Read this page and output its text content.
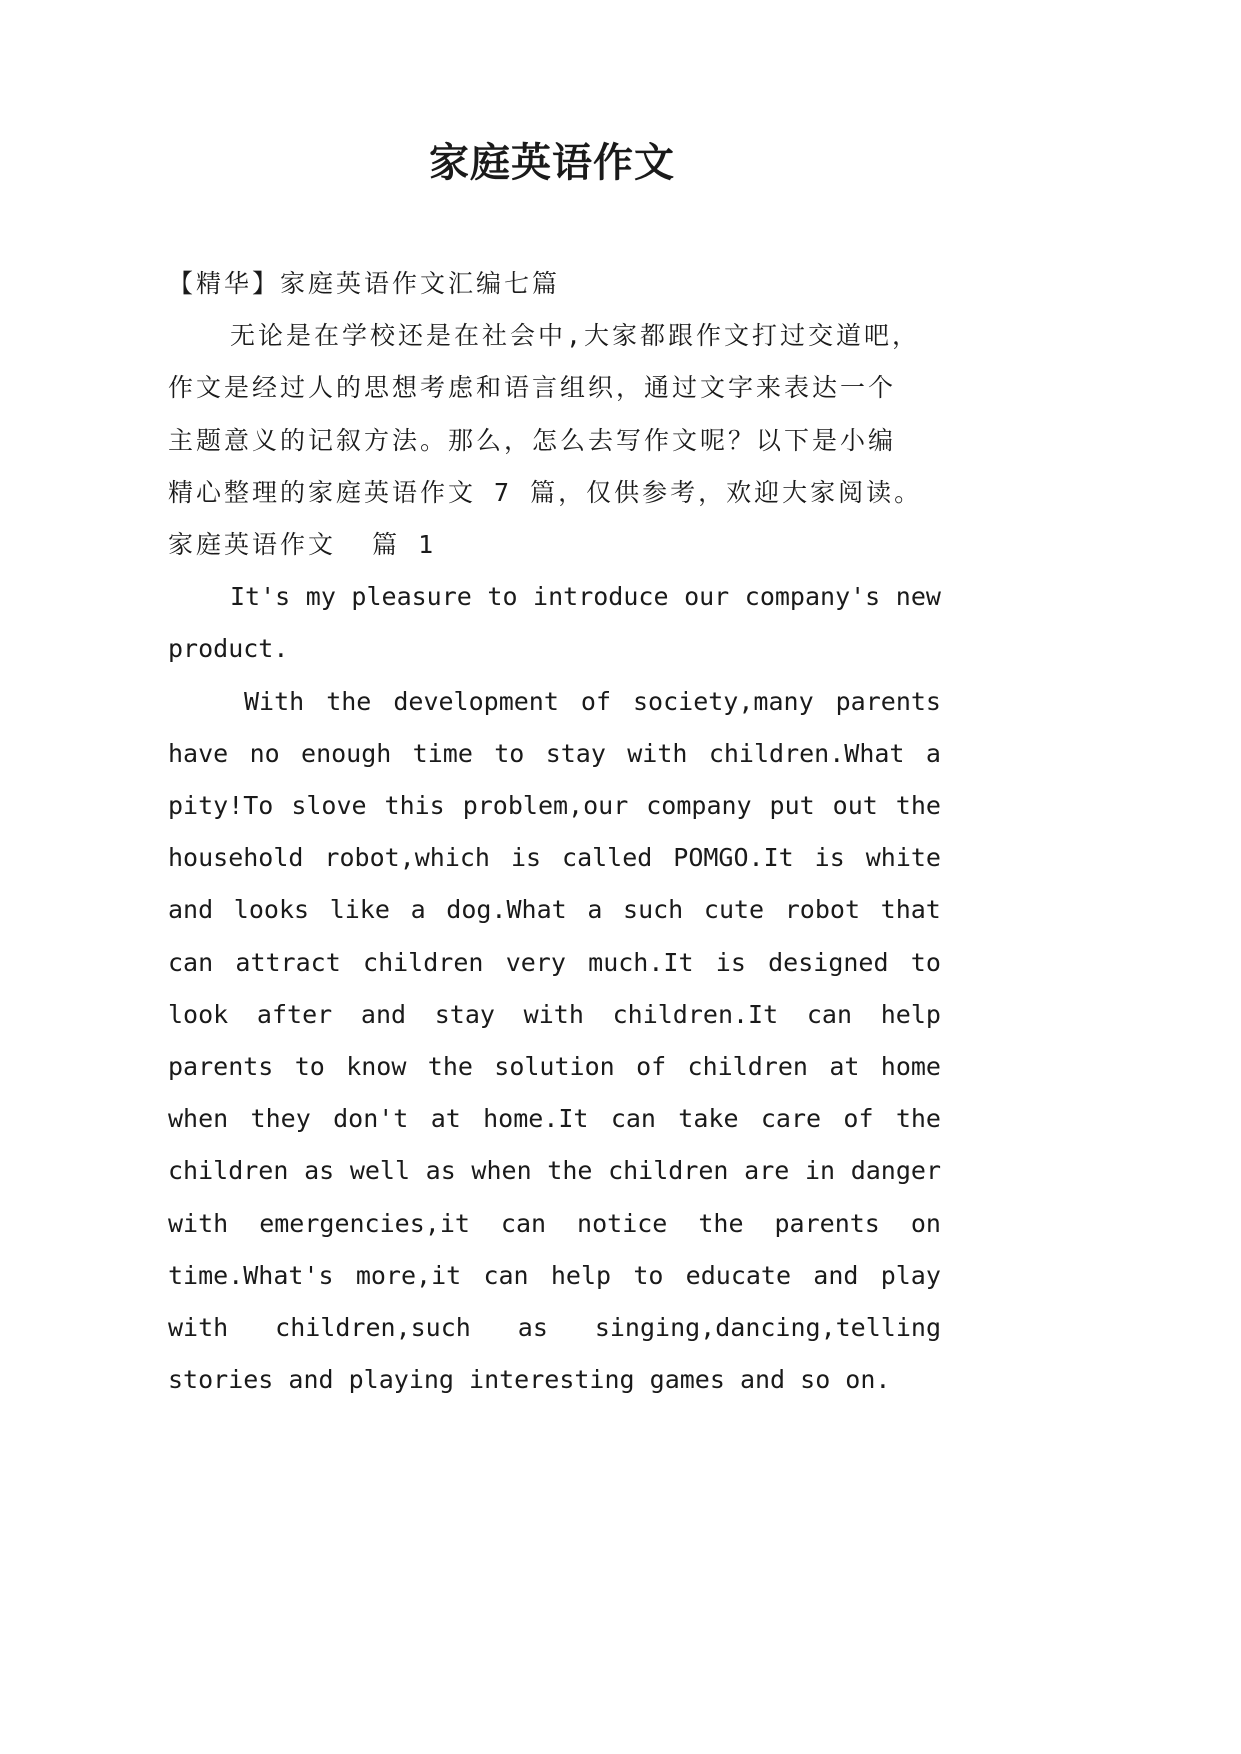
家庭英语作文
【精华】家庭英语作文汇编七篇
无论是在学校还是在社会中,大家都跟作文打过交道吧，
作文是经过人的思想考虑和语言组织，通过文字来表达一个
主题意义的记叙方法。那么，怎么去写作文呢？以下是小编
精心整理的家庭英语作文 7 篇，仅供参考，欢迎大家阅读。
家庭英语作文  篇 1
It's my pleasure to introduce our company's new
product.
With the development of society,many parents
have no enough time to stay with children.What a
pity!To slove this problem,our company put out the
household robot,which is called POMGO.It is white
and looks like a dog.What a such cute robot that
can attract children very much.It is designed to
look after and stay with children.It can help
parents to know the solution of children at home
when they don't at home.It can take care of the
children as well as when the children are in danger
with emergencies,it can notice the parents on
time.What's more,it can help to educate and play
with children,such as singing,dancing,telling
stories and playing interesting games and so on.
